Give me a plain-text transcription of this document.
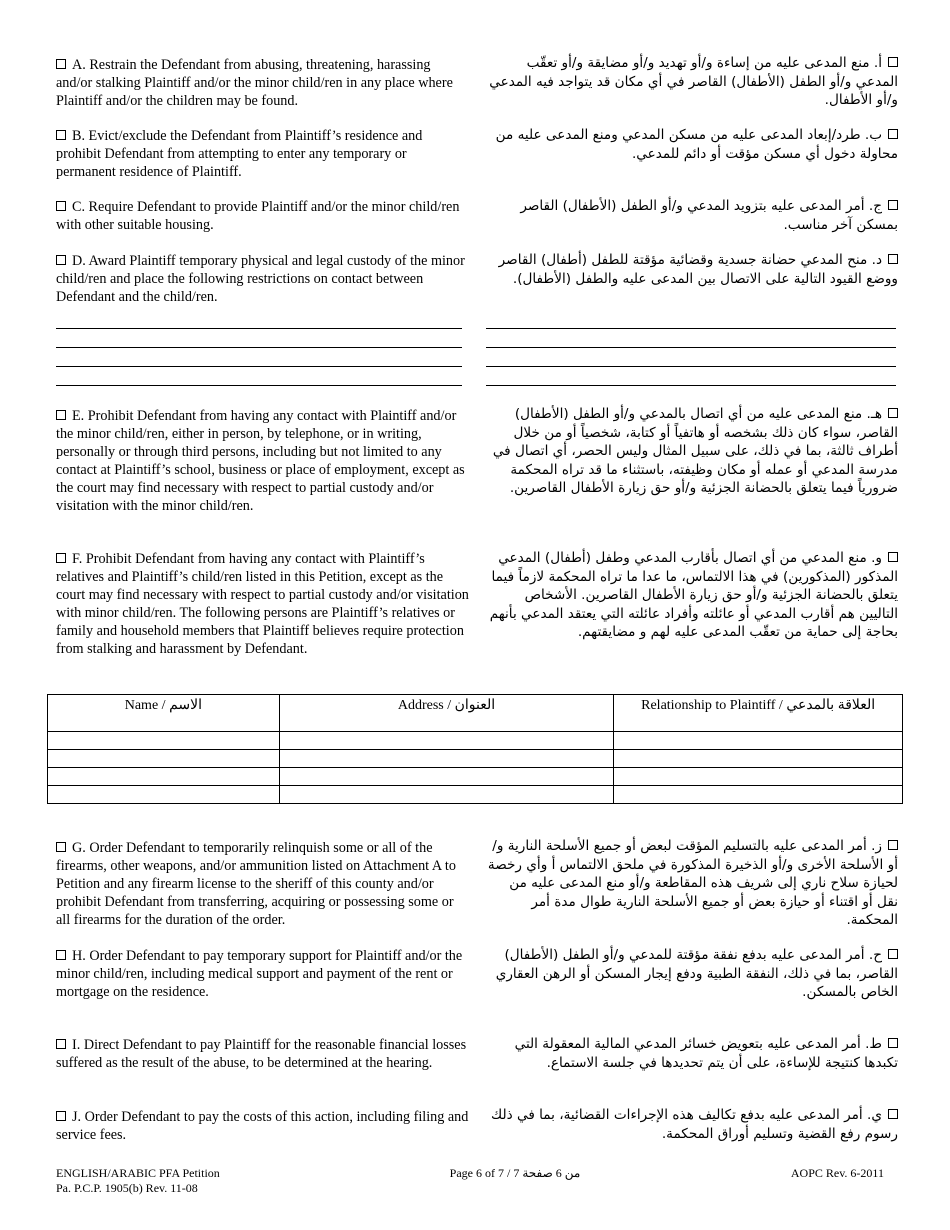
A. Restrain the Defendant from abusing, threatening, harassing and/or stalking Plaintiff and/or the minor child/ren in any place where Plaintiff and/or the children may be found.
أ. منع المدعى عليه من إساءة و/أو تهديد و/أو مضايقة و/أو تعقّب المدعي و/أو الطفل (الأطفال) القاصر في أي مكان قد يتواجد فيه المدعي و/أو الأطفال.
B. Evict/exclude the Defendant from Plaintiff’s residence and prohibit Defendant from attempting to enter any temporary or permanent residence of Plaintiff.
ب. طرد/إبعاد المدعى عليه من مسكن المدعي ومنع المدعى عليه من محاولة دخول أي مسكن مؤقت أو دائم للمدعي.
C. Require Defendant to provide Plaintiff and/or the minor child/ren with other suitable housing.
ج. أمر المدعى عليه بتزويد المدعي و/أو الطفل (الأطفال) القاصر بمسكن آخر مناسب.
D. Award Plaintiff temporary physical and legal custody of the minor child/ren and place the following restrictions on contact between Defendant and the child/ren.
د. منح المدعي حضانة جسدية وقضائية مؤقتة للطفل (أطفال) القاصر ووضع القيود التالية على الاتصال بين المدعى عليه والطفل (الأطفال).
E. Prohibit Defendant from having any contact with Plaintiff and/or the minor child/ren, either in person, by telephone, or in writing, personally or through third persons, including but not limited to any contact at Plaintiff’s school, business or place of employment, except as the court may find necessary with respect to partial custody and/or visitation with the minor child/ren.
هـ. منع المدعى عليه من أي اتصال بالمدعي و/أو الطفل (الأطفال) القاصر، سواء كان ذلك بشخصه أو هاتفياً أو كتابة، شخصياً أو من خلال أطراف ثالثة، بما في ذلك، على سبيل المثال وليس الحصر، أي اتصال في مدرسة المدعي أو عمله أو مكان وظيفته، باستثناء ما قد تراه المحكمة ضرورياً فيما يتعلق بالحضانة الجزئية و/أو حق زيارة الأطفال القاصرين.
F. Prohibit Defendant from having any contact with Plaintiff’s relatives and Plaintiff’s child/ren listed in this Petition, except as the court may find necessary with respect to partial custody and/or visitation with minor child/ren. The following persons are Plaintiff’s relatives or family and household members that Plaintiff believes require protection from stalking and harassment by Defendant.
و. منع المدعي من أي اتصال بأقارب المدعي وطفل (أطفال) المدعي المذكور (المذكورين) في هذا الالتماس، ما عدا ما تراه المحكمة لازماً فيما يتعلق بالحضانة الجزئية و/أو حق زيارة الأطفال القاصرين. الأشخاص التاليين هم أقارب المدعي أو عائلته وأفراد عائلته التي يعتقد المدعي بأنهم بحاجة إلى حماية من تعقّب المدعى عليه لهم و مضايقتهم.
Name / الاسم	Address / العنوان	Relationship to Plaintiff / العلاقة بالمدعي

G. Order Defendant to temporarily relinquish some or all of the firearms, other weapons, and/or ammunition listed on Attachment A to Petition and any firearm license to the sheriff of this county and/or prohibit Defendant from transferring, acquiring or possessing some or all firearms for the duration of the order.
ز. أمر المدعى عليه بالتسليم المؤقت لبعض أو جميع الأسلحة النارية و/أو الأسلحة الأخرى و/أو الذخيرة المذكورة في ملحق الالتماس أ وأي رخصة لحيازة سلاح ناري إلى شريف هذه المقاطعة و/أو منع المدعى عليه من نقل أو اقتناء أو حيازة بعض أو جميع الأسلحة النارية طوال مدة أمر المحكمة.
H. Order Defendant to pay temporary support for Plaintiff and/or the minor child/ren, including medical support and payment of the rent or mortgage on the residence.
ح. أمر المدعى عليه بدفع نفقة مؤقتة للمدعي و/أو الطفل (الأطفال) القاصر، بما في ذلك، النفقة الطبية ودفع إيجار المسكن أو الرهن العقاري الخاص بالمسكن.
I. Direct Defendant to pay Plaintiff for the reasonable financial losses suffered as the result of the abuse, to be determined at the hearing.
ط. أمر المدعى عليه بتعويض خسائر المدعي المالية المعقولة التي تكبدها كنتيجة للإساءة، على أن يتم تحديدها في جلسة الاستماع.
J. Order Defendant to pay the costs of this action, including filing and service fees.
ي. أمر المدعى عليه بدفع تكاليف هذه الإجراءات القضائية، بما في ذلك رسوم رفع القضية وتسليم أوراق المحكمة.
ENGLISH/ARABIC PFA Petition
Pa. P.C.P. 1905(b) Rev. 11-08
Page 6 of 7 / 7 من 6 صفحة	AOPC Rev. 6-2011
